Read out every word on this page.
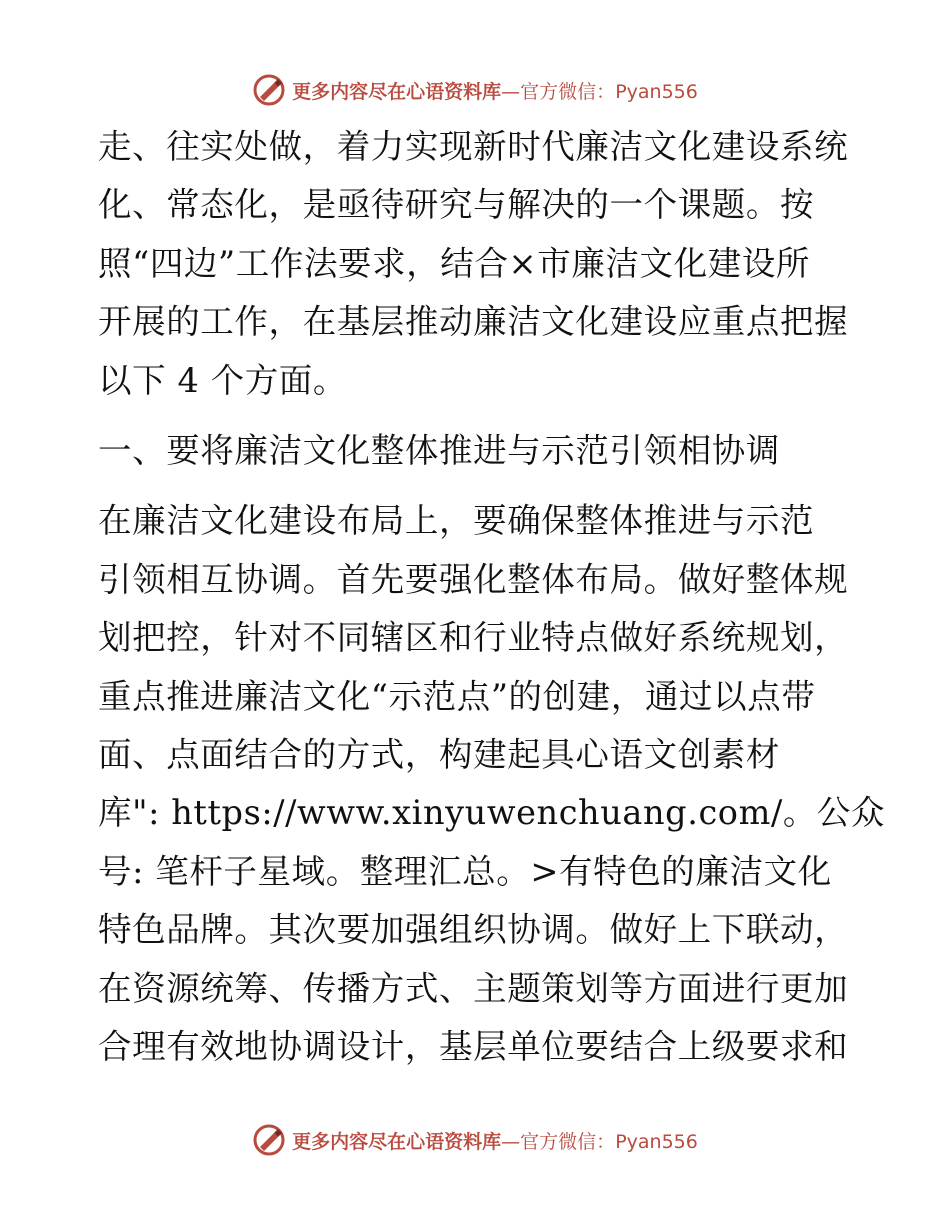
更多内容尽在心语资料库—官方微信：Pyan556

走、往实处做，着力实现新时代廉洁文化建设系统
化、常态化，是亟待研究与解决的一个课题。按
照“四边”工作法要求，结合×市廉洁文化建设所
开展的工作，在基层推动廉洁文化建设应重点把握
以下 4 个方面。

一、要将廉洁文化整体推进与示范引领相协调

在廉洁文化建设布局上，要确保整体推进与示范
引领相互协调。首先要强化整体布局。做好整体规
划把控，针对不同辖区和行业特点做好系统规划，
重点推进廉洁文化“示范点”的创建，通过以点带
面、点面结合的方式，构建起具心语文创素材
库": https://www.xinyuwenchuang.com/。公众
号: 笔杆子星域。整理汇总。>有特色的廉洁文化
特色品牌。其次要加强组织协调。做好上下联动，
在资源统筹、传播方式、主题策划等方面进行更加
合理有效地协调设计，基层单位要结合上级要求和

更多内容尽在心语资料库—官方微信：Pyan556
